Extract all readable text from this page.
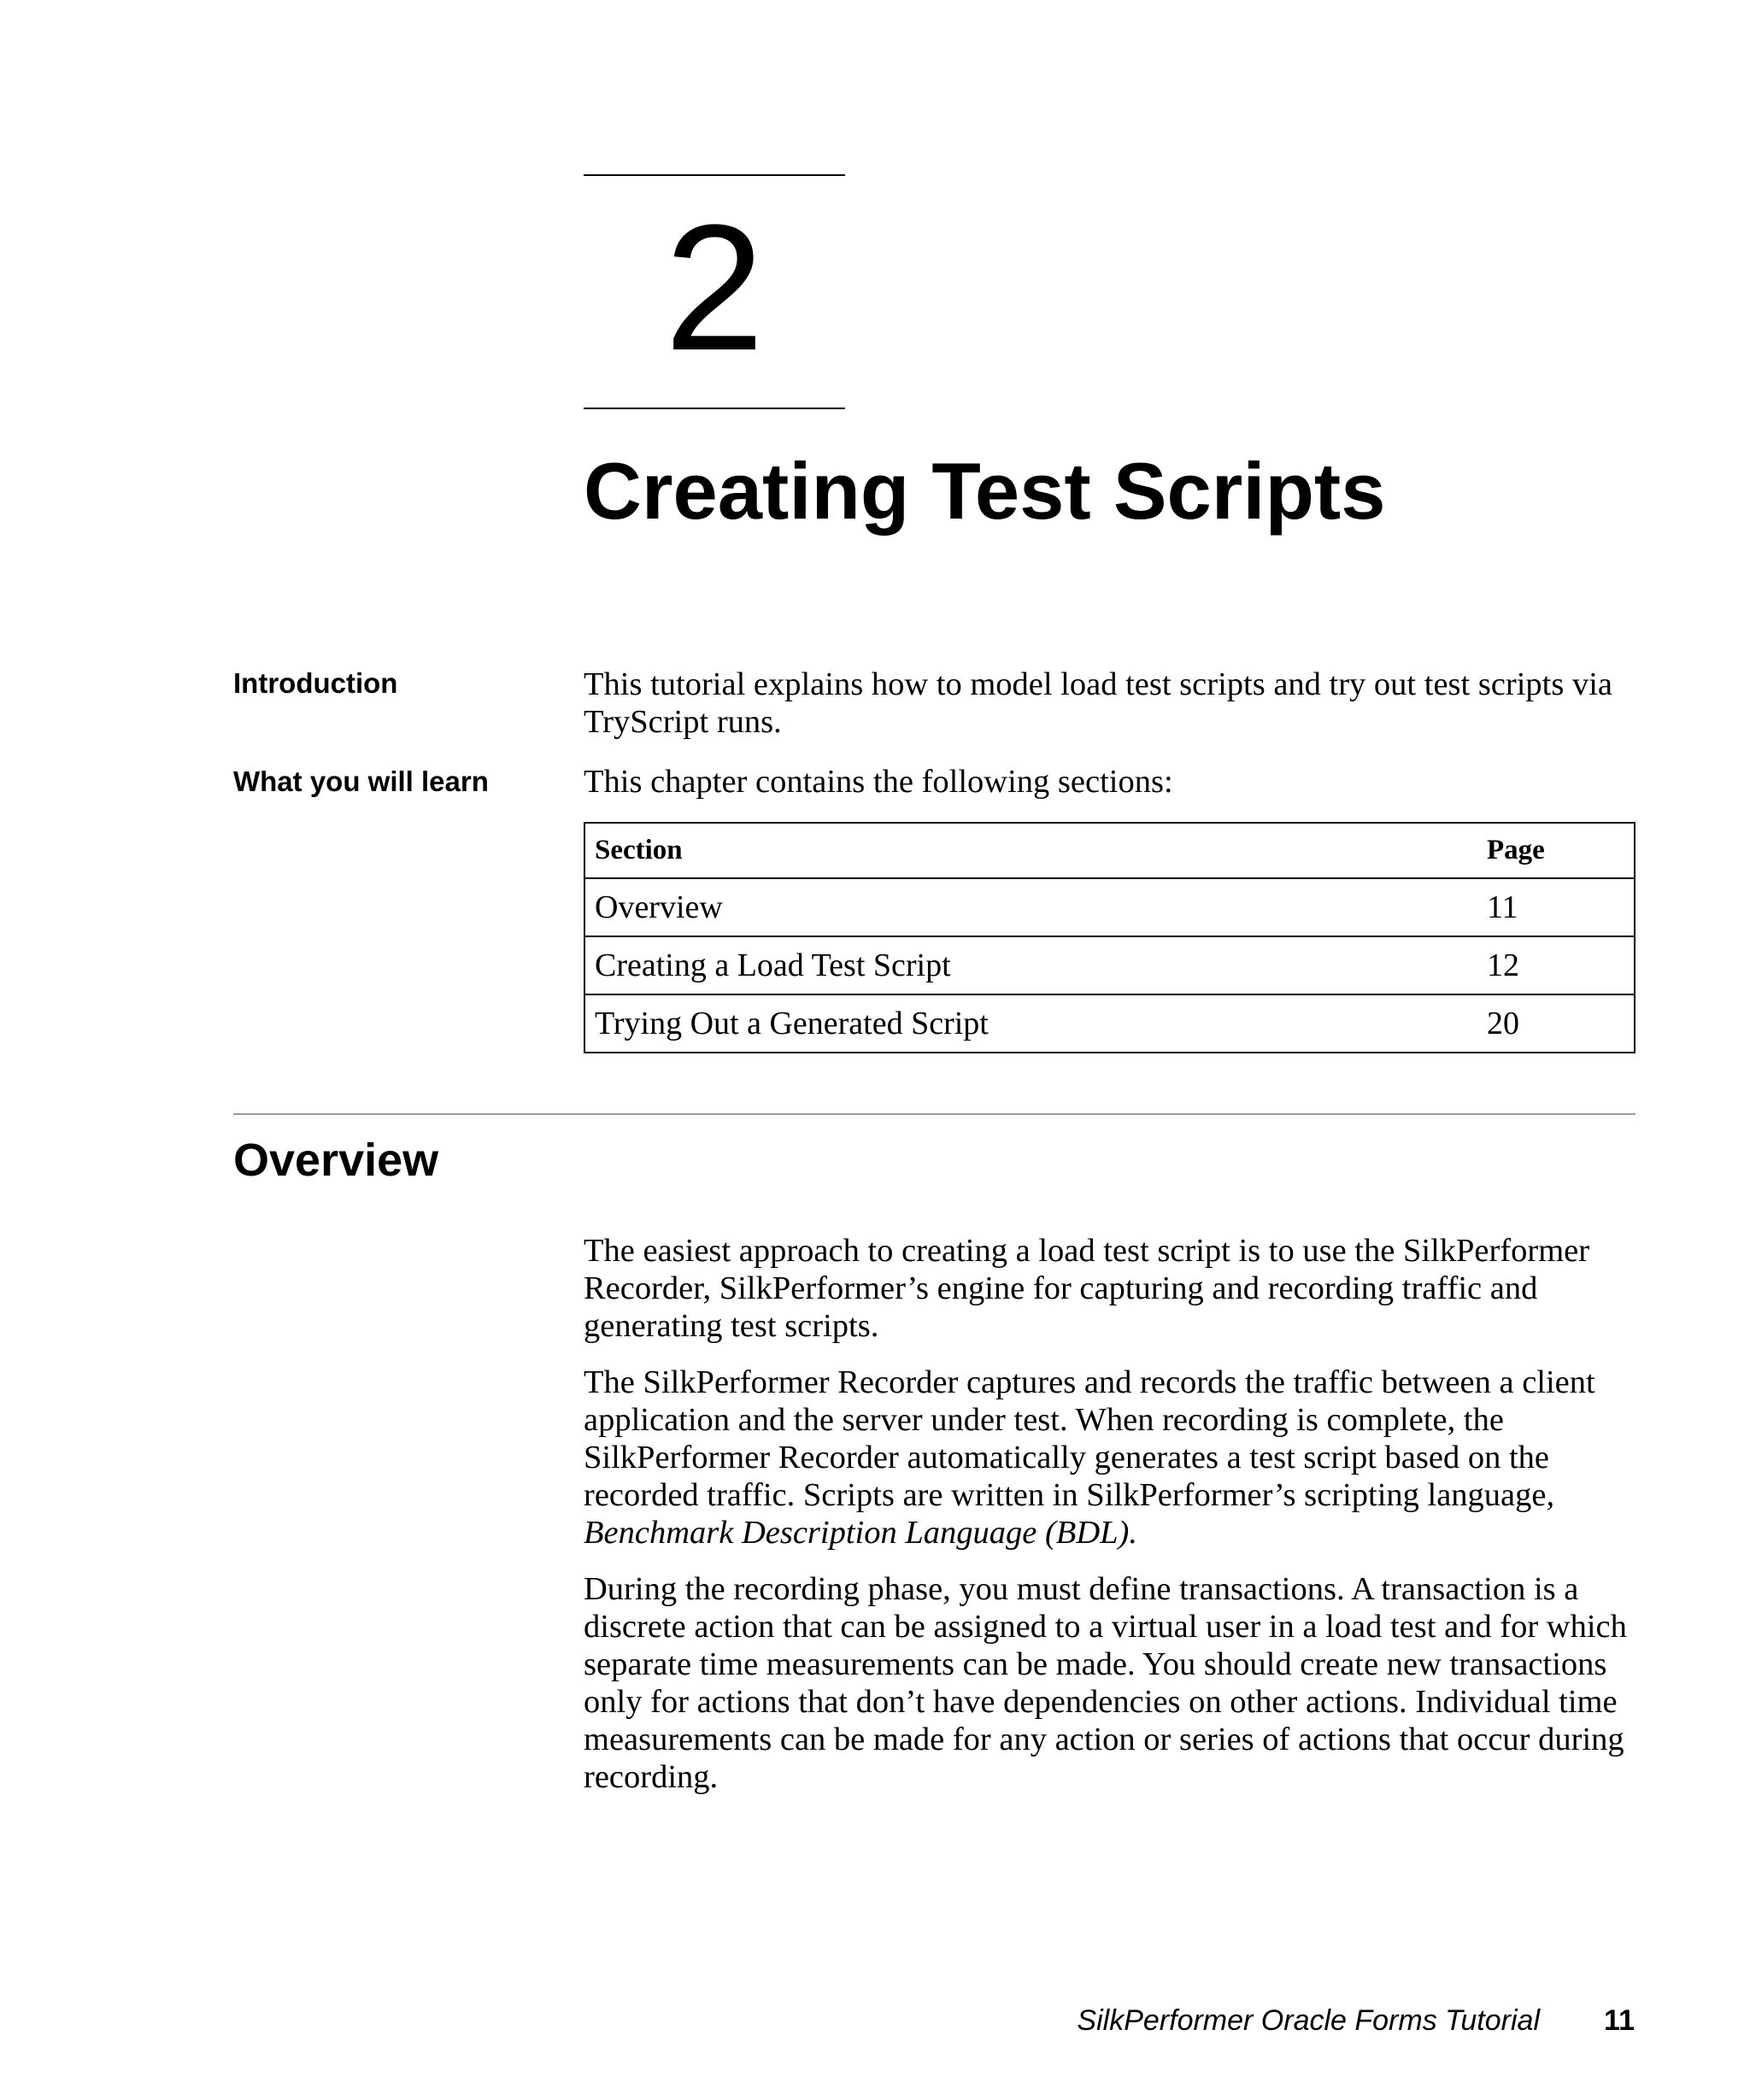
2
Creating Test Scripts
Introduction	This tutorial explains how to model load test scripts and try out test scripts via TryScript runs.
What you will learn	This chapter contains the following sections:
Section	Page
Overview	11
Creating a Load Test Script	12
Trying Out a Generated Script	20
Overview

The easiest approach to creating a load test script is to use the SilkPerformer Recorder, SilkPerformer’s engine for capturing and recording traffic and generating test scripts.

The SilkPerformer Recorder captures and records the traffic between a client application and the server under test. When recording is complete, the SilkPerformer Recorder automatically generates a test script based on the recorded traffic. Scripts are written in SilkPerformer’s scripting language, Benchmark Description Language (BDL).

During the recording phase, you must define transactions. A transaction is a discrete action that can be assigned to a virtual user in a load test and for which separate time measurements can be made. You should create new transactions only for actions that don’t have dependencies on other actions. Individual time measurements can be made for any action or series of actions that occur during recording.

SilkPerformer Oracle Forms Tutorial 11
